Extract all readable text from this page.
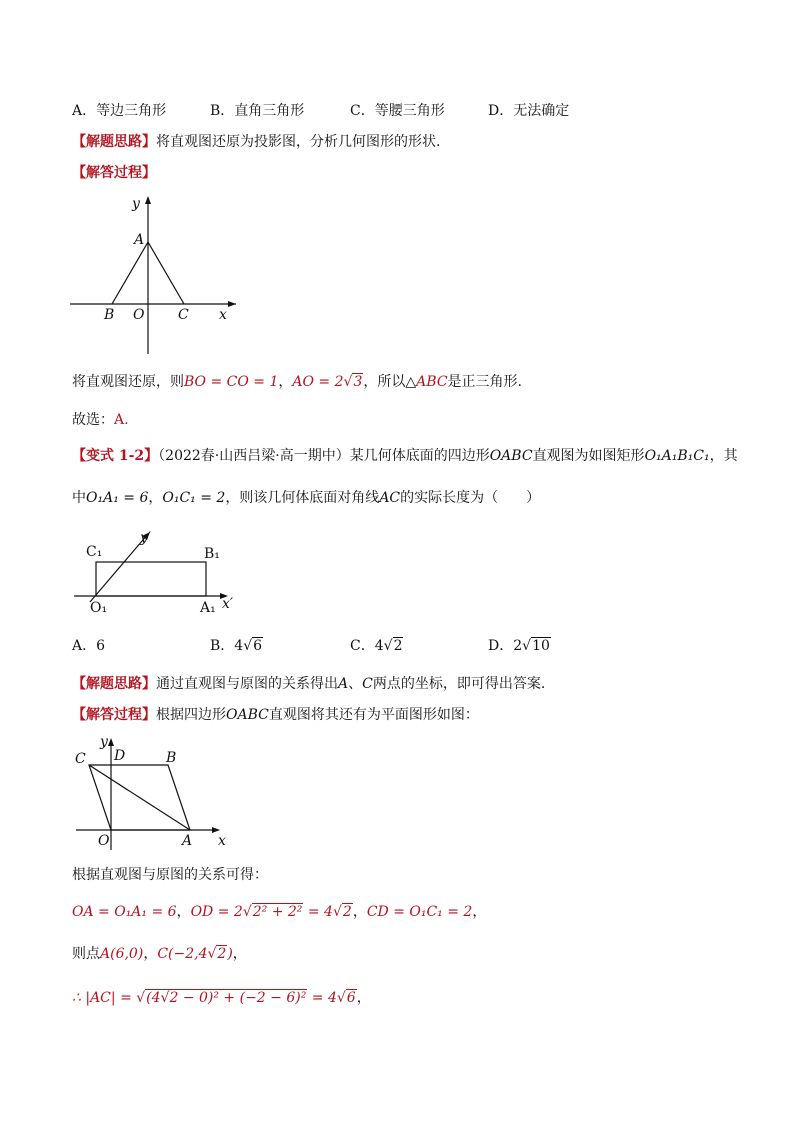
A．等边三角形	B．直角三角形	C．等腰三角形	D．无法确定
【解题思路】将直观图还原为投影图，分析几何图形的形状.
【解答过程】
y
A
B O C x
将直观图还原，则BO = CO = 1，AO = 2√3，所以△ABC是正三角形.
故选：A.
【变式 1-2】（2022春·山西吕梁·高一期中）某几何体底面的四边形OABC直观图为如图矩形O₁A₁B₁C₁，其
中O₁A₁ = 6，O₁C₁ = 2，则该几何体底面对角线AC的实际长度为（　　）
C₁	B₁
y′
O₁	A₁ x′
A．6	B．4√6	C．4√2	D．2√10
【解题思路】通过直观图与原图的关系得出A、C两点的坐标，即可得出答案.
【解答过程】根据四边形OABC直观图将其还有为平面图形如图：
C
y
D	B
O	A x
根据直观图与原图的关系可得：
OA = O₁A₁ = 6，OD = 2√2² + 2² = 4√2，CD = O₁C₁ = 2，
则点A(6,0)，C(−2,4√2)，
∴ |AC| = √(4√2 − 0)² + (−2 − 6)² = 4√6，
